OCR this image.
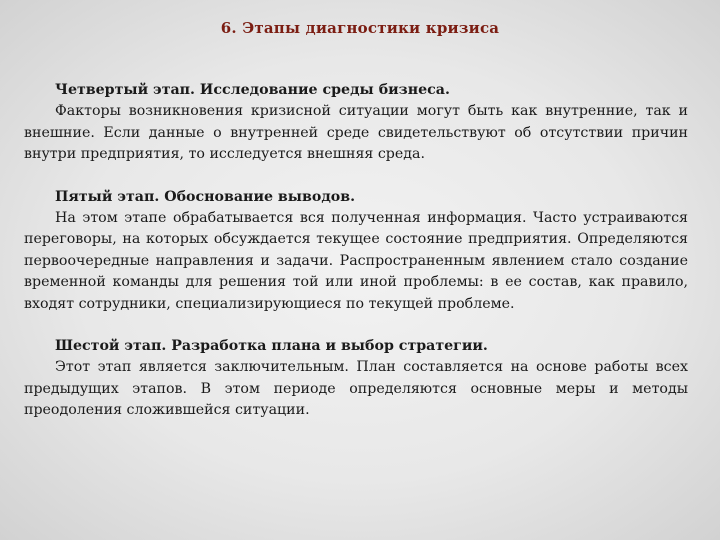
6. Этапы диагностики кризиса

Четвертый этап. Исследование среды бизнеса.

Факторы возникновения кризисной ситуации могут быть как внутренние, так и внешние. Если данные о внутренней среде свидетельствуют об отсутствии причин внутри предприятия, то исследуется внешняя среда.

Пятый этап. Обоснование выводов.

На этом этапе обрабатывается вся полученная информация. Часто устраиваются переговоры, на которых обсуждается текущее состояние предприятия. Определяются первоочередные направления и задачи. Распространенным явлением стало создание временной команды для решения той или иной проблемы: в ее состав, как правило, входят сотрудники, специализирующиеся по текущей проблеме.

Шестой этап. Разработка плана и выбор стратегии.

Этот этап является заключительным. План составляется на основе работы всех предыдущих этапов. В этом периоде определяются основные меры и методы преодоления сложившейся ситуации.
